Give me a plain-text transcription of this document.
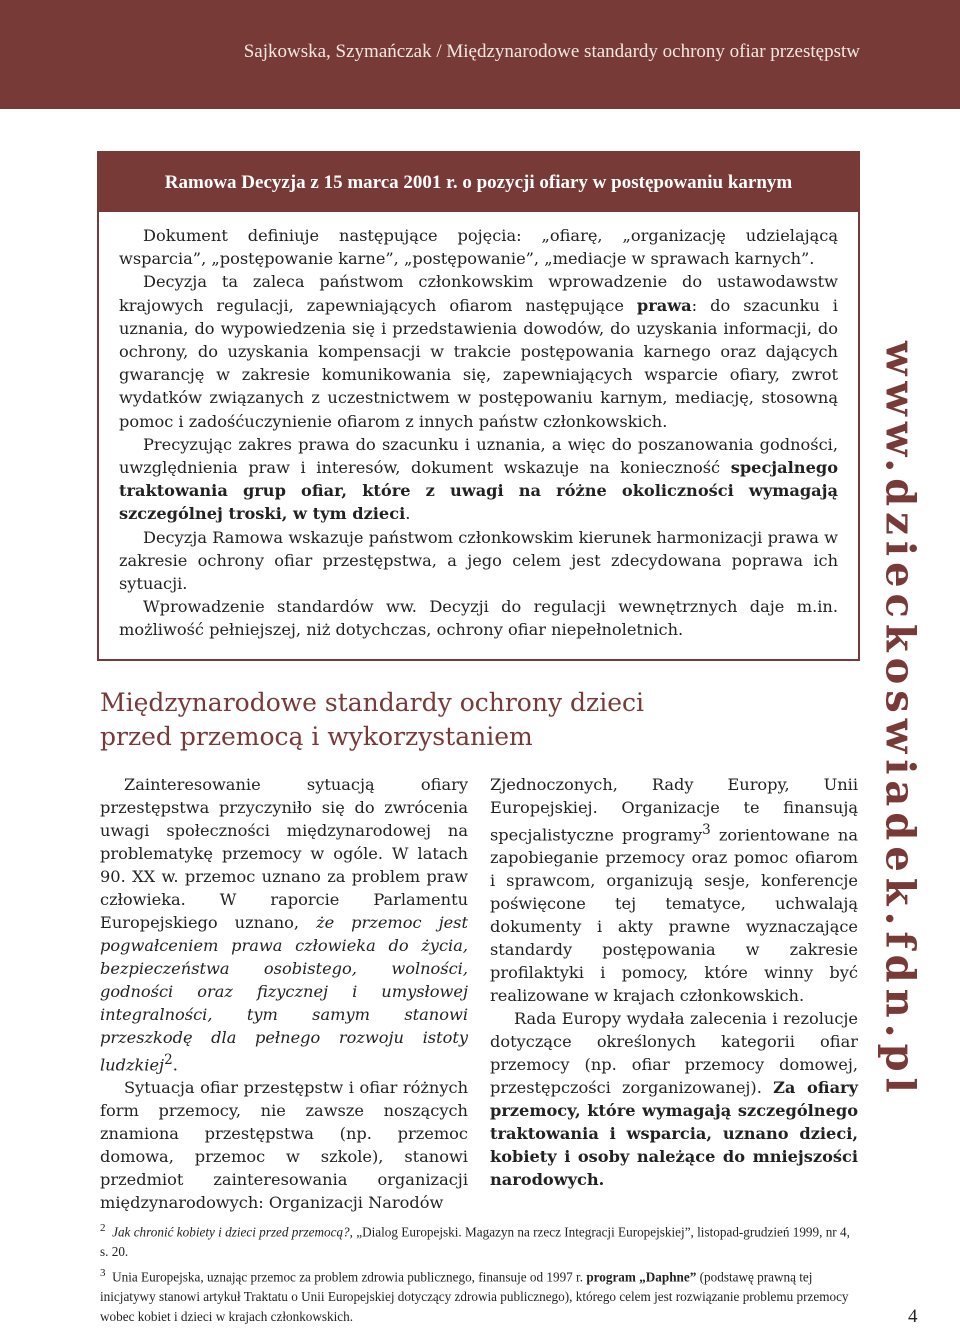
Sajkowska, Szymańczak / Międzynarodowe standardy ochrony ofiar przestępstw
Ramowa Decyzja z 15 marca 2001 r. o pozycji ofiary w postępowaniu karnym

Dokument definiuje następujące pojęcia: „ofiarę, „organizację udzielającą wsparcia”, „postępowanie karne”, „postępowanie”, „mediacje w sprawach karnych”.

Decyzja ta zaleca państwom członkowskim wprowadzenie do ustawodawstw krajowych regulacji, zapewniających ofiarom następujące prawa: do szacunku i uznania, do wypowiedzenia się i przedstawienia dowodów, do uzyskania informacji, do ochrony, do uzyskania kompensacji w trakcie postępowania karnego oraz dających gwarancję w zakresie komunikowania się, zapewniających wsparcie ofiary, zwrot wydatków związanych z uczestnictwem w postępowaniu karnym, mediację, stosowną pomoc i zadośćuczynienie ofiarom z innych państw członkowskich.

Precyzując zakres prawa do szacunku i uznania, a więc do poszanowania godności, uwzględnienia praw i interesów, dokument wskazuje na konieczność specjalnego traktowania grup ofiar, które z uwagi na różne okoliczności wymagają szczególnej troski, w tym dzieci.

Decyzja Ramowa wskazuje państwom członkowskim kierunek harmonizacji prawa w zakresie ochrony ofiar przestępstwa, a jego celem jest zdecydowana poprawa ich sytuacji.

Wprowadzenie standardów ww. Decyzji do regulacji wewnętrznych daje m.in. możliwość pełniejszej, niż dotychczas, ochrony ofiar niepełnoletnich.

Międzynarodowe standardy ochrony dzieci
przed przemocą i wykorzystaniem

Zainteresowanie sytuacją ofiary przestępstwa przyczyniło się do zwrócenia uwagi społeczności międzynarodowej na problematykę przemocy w ogóle. W latach 90. XX w. przemoc uznano za problem praw człowieka. W raporcie Parlamentu Europejskiego uznano, że przemoc jest pogwałceniem prawa człowieka do życia, bezpieczeństwa osobistego, wolności, godności oraz fizycznej i umysłowej integralności, tym samym stanowi przeszkodę dla pełnego rozwoju istoty ludzkiej$^2$.

Sytuacja ofiar przestępstw i ofiar różnych form przemocy, nie zawsze noszących znamiona przestępstwa (np. przemoc domowa, przemoc w szkole), stanowi przedmiot zainteresowania organizacji międzynarodowych: Organizacji Narodów

Zjednoczonych, Rady Europy, Unii Europejskiej. Organizacje te finansują specjalistyczne programy$^3$ zorientowane na zapobieganie przemocy oraz pomoc ofiarom i sprawcom, organizują sesje, konferencje poświęcone tej tematyce, uchwalają dokumenty i akty prawne wyznaczające standardy postępowania w zakresie profilaktyki i pomocy, które winny być realizowane w krajach członkowskich.

Rada Europy wydała zalecenia i rezolucje dotyczące określonych kategorii ofiar przemocy (np. ofiar przemocy domowej, przestępczości zorganizowanej). Za ofiary przemocy, które wymagają szczególnego traktowania i wsparcia, uznano dzieci, kobiety i osoby należące do mniejszości narodowych.

www.dzieckoswiadek.fdn.pl

$^2$ Jak chronić kobiety i dzieci przed przemocą?, „Dialog Europejski. Magazyn na rzecz Integracji Europejskiej”, listopad-grudzień 1999, nr 4, s. 20.

$^3$ Unia Europejska, uznając przemoc za problem zdrowia publicznego, finansuje od 1997 r. program „Daphne” (podstawę prawną tej inicjatywy stanowi artykuł Traktatu o Unii Europejskiej dotyczący zdrowia publicznego), którego celem jest rozwiązanie problemu przemocy wobec kobiet i dzieci w krajach członkowskich.	4
